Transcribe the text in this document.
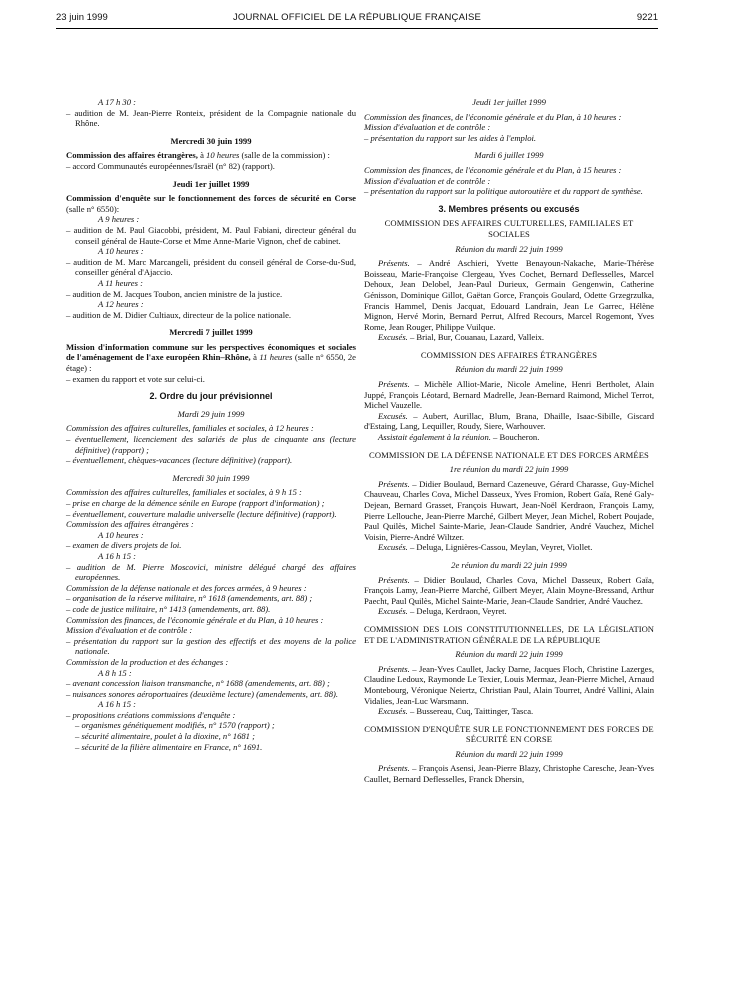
23 juin 1999	JOURNAL OFFICIEL DE LA RÉPUBLIQUE FRANÇAISE	9221

A 17 h 30 :

– audition de M. Jean-Pierre Ronteix, président de la Compagnie nationale du Rhône.

Mercredi 30 juin 1999

Commission des affaires étrangères, à 10 heures (salle de la commission) :

– accord Communautés européennes/Israël (n° 82) (rapport).

Jeudi 1er juillet 1999

Commission d'enquête sur le fonctionnement des forces de sécurité en Corse (salle n° 6550):

A 9 heures :

– audition de M. Paul Giacobbi, président, M. Paul Fabiani, directeur général du conseil général de Haute-Corse et Mme Anne-Marie Vignon, chef de cabinet.

A 10 heures :

– audition de M. Marc Marcangeli, président du conseil général de Corse-du-Sud, conseiller général d'Ajaccio.

A 11 heures :

– audition de M. Jacques Toubon, ancien ministre de la justice.

A 12 heures :

– audition de M. Didier Cultiaux, directeur de la police nationale.

Mercredi 7 juillet 1999

Mission d'information commune sur les perspectives économiques et sociales de l'aménagement de l'axe européen Rhin–Rhône, à 11 heures (salle n° 6550, 2e étage) :

– examen du rapport et vote sur celui-ci.

2. Ordre du jour prévisionnel

Mardi 29 juin 1999

Commission des affaires culturelles, familiales et sociales, à 12 heures :

– éventuellement, licenciement des salariés de plus de cinquante ans (lecture définitive) (rapport) ;

– éventuellement, chèques-vacances (lecture définitive) (rapport).

Mercredi 30 juin 1999

Commission des affaires culturelles, familiales et sociales, à 9 h 15 :

– prise en charge de la démence sénile en Europe (rapport d'information) ;

– éventuellement, couverture maladie universelle (lecture définitive) (rapport).

Commission des affaires étrangères :

A 10 heures :

– examen de divers projets de loi.

A 16 h 15 :

– audition de M. Pierre Moscovici, ministre délégué chargé des affaires européennes.

Commission de la défense nationale et des forces armées, à 9 heures :

– organisation de la réserve militaire, n° 1618 (amendements, art. 88) ;

– code de justice militaire, n° 1413 (amendements, art. 88).

Commission des finances, de l'économie générale et du Plan, à 10 heures :

Mission d'évaluation et de contrôle :

– présentation du rapport sur la gestion des effectifs et des moyens de la police nationale.

Commission de la production et des échanges :

A 8 h 15 :

– avenant concession liaison transmanche, n° 1688 (amendements, art. 88) ;

– nuisances sonores aéroportuaires (deuxième lecture) (amendements, art. 88).

A 16 h 15 :

– propositions créations commissions d'enquête :

– organismes génétiquement modifiés, n° 1570 (rapport) ;

– sécurité alimentaire, poulet à la dioxine, n° 1681 ;

– sécurité de la filière alimentaire en France, n° 1691.

Jeudi 1er juillet 1999

Commission des finances, de l'économie générale et du Plan, à 10 heures :

Mission d'évaluation et de contrôle :

– présentation du rapport sur les aides à l'emploi.

Mardi 6 juillet 1999

Commission des finances, de l'économie générale et du Plan, à 15 heures :

Mission d'évaluation et de contrôle :

– présentation du rapport sur la politique autoroutière et du rapport de synthèse.

3. Membres présents ou excusés

COMMISSION DES AFFAIRES CULTURELLES, FAMILIALES ET SOCIALES

Réunion du mardi 22 juin 1999

Présents. – André Aschieri, Yvette Benayoun-Nakache, Marie-Thérèse Boisseau, Marie-Françoise Clergeau, Yves Cochet, Bernard Deflesselles, Marcel Dehoux, Jean Delobel, Jean-Paul Durieux, Germain Gengenwin, Catherine Génisson, Dominique Gillot, Gaëtan Gorce, François Goulard, Odette Grzegrzulka, Francis Hammel, Denis Jacquat, Edouard Landrain, Jean Le Garrec, Hélène Mignon, Hervé Morin, Bernard Perrut, Alfred Recours, Marcel Rogemont, Yves Rome, Jean Rouger, Philippe Vuilque.

Excusés. – Brial, Bur, Couanau, Lazard, Valleix.

COMMISSION DES AFFAIRES ÉTRANGÈRES

Réunion du mardi 22 juin 1999

Présents. – Michèle Alliot-Marie, Nicole Ameline, Henri Bertholet, Alain Juppé, François Léotard, Bernard Madrelle, Jean-Bernard Raimond, Michel Terrot, Michel Vauzelle.

Excusés. – Aubert, Aurillac, Blum, Brana, Dhaille, Isaac-Sibille, Giscard d'Estaing, Lang, Lequiller, Roudy, Siere, Warhouver.

Assistait également à la réunion. – Boucheron.

COMMISSION DE LA DÉFENSE NATIONALE ET DES FORCES ARMÉES

1re réunion du mardi 22 juin 1999

Présents. – Didier Boulaud, Bernard Cazeneuve, Gérard Charasse, Guy-Michel Chauveau, Charles Cova, Michel Dasseux, Yves Fromion, Robert Gaïa, René Galy-Dejean, Bernard Grasset, François Huwart, Jean-Noël Kerdraon, François Lamy, Pierre Lellouche, Jean-Pierre Marché, Gilbert Meyer, Jean Michel, Robert Poujade, Paul Quilès, Michel Sainte-Marie, Jean-Claude Sandrier, André Vauchez, Michel Voisin, Pierre-André Wiltzer.

Excusés. – Deluga, Lignières-Cassou, Meylan, Veyret, Viollet.

2e réunion du mardi 22 juin 1999

Présents. – Didier Boulaud, Charles Cova, Michel Dasseux, Robert Gaïa, François Lamy, Jean-Pierre Marché, Gilbert Meyer, Alain Moyne-Bressand, Arthur Paecht, Paul Quilès, Michel Sainte-Marie, Jean-Claude Sandrier, André Vauchez.

Excusés. – Deluga, Kerdraon, Veyret.

COMMISSION DES LOIS CONSTITUTIONNELLES, DE LA LÉGISLATION ET DE L'ADMINISTRATION GÉNÉRALE DE LA RÉPUBLIQUE

Réunion du mardi 22 juin 1999

Présents. – Jean-Yves Caullet, Jacky Darne, Jacques Floch, Christine Lazerges, Claudine Ledoux, Raymonde Le Texier, Louis Mermaz, Jean-Pierre Michel, Arnaud Montebourg, Véronique Neiertz, Christian Paul, Alain Tourret, André Vallini, Alain Vidalies, Jean-Luc Warsmann.

Excusés. – Bussereau, Cuq, Taittinger, Tasca.

COMMISSION D'ENQUÊTE SUR LE FONCTIONNEMENT DES FORCES DE SÉCURITÉ EN CORSE

Réunion du mardi 22 juin 1999

Présents. – François Asensi, Jean-Pierre Blazy, Christophe Caresche, Jean-Yves Caullet, Bernard Deflesselles, Franck Dhersin,
